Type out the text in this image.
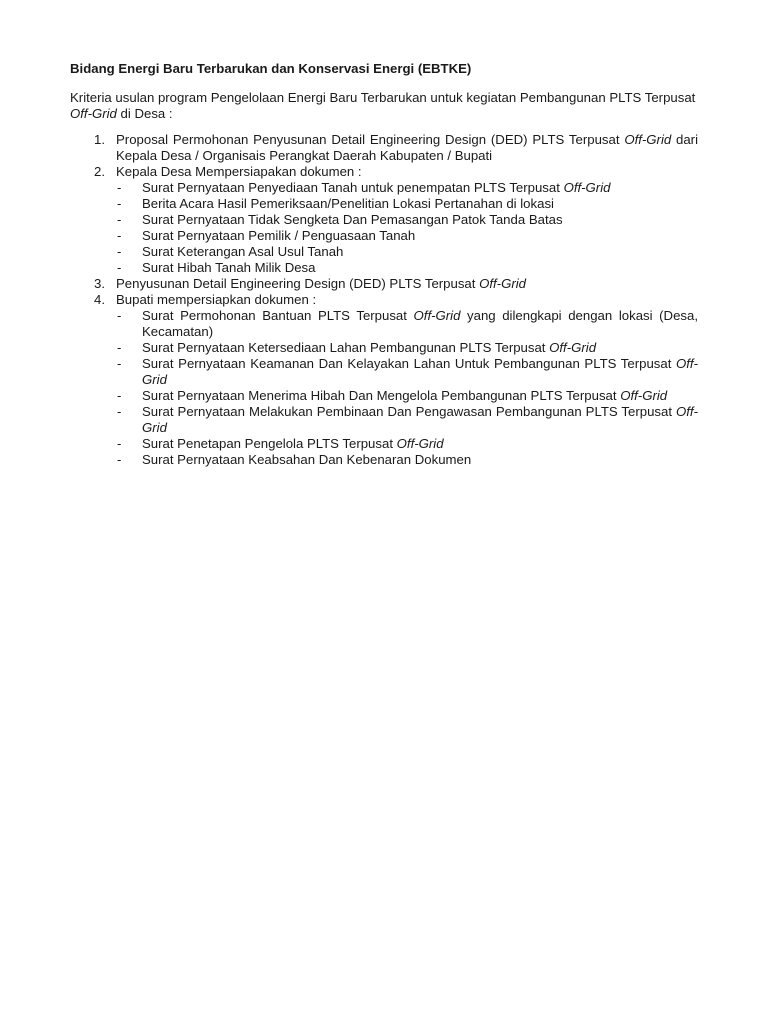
Bidang Energi Baru Terbarukan dan Konservasi Energi (EBTKE)

Kriteria usulan program Pengelolaan Energi Baru Terbarukan untuk kegiatan Pembangunan PLTS Terpusat Off-Grid di Desa :

1. Proposal Permohonan Penyusunan Detail Engineering Design (DED) PLTS Terpusat Off-Grid dari Kepala Desa / Organisais Perangkat Daerah Kabupaten / Bupati
2. Kepala Desa Mempersiapakan dokumen :
- Surat Pernyataan Penyediaan Tanah untuk penempatan PLTS Terpusat Off-Grid
- Berita Acara Hasil Pemeriksaan/Penelitian Lokasi Pertanahan di lokasi
- Surat Pernyataan Tidak Sengketa Dan Pemasangan Patok Tanda Batas
- Surat Pernyataan Pemilik / Penguasaan Tanah
- Surat Keterangan Asal Usul Tanah
- Surat Hibah Tanah Milik Desa
3. Penyusunan Detail Engineering Design (DED) PLTS Terpusat Off-Grid
4. Bupati mempersiapkan dokumen :
- Surat Permohonan Bantuan PLTS Terpusat Off-Grid yang dilengkapi dengan lokasi (Desa, Kecamatan)
- Surat Pernyataan Ketersediaan Lahan Pembangunan PLTS Terpusat Off-Grid
- Surat Pernyataan Keamanan Dan Kelayakan Lahan Untuk Pembangunan PLTS Terpusat Off-Grid
- Surat Pernyataan Menerima Hibah Dan Mengelola Pembangunan PLTS Terpusat Off-Grid
- Surat Pernyataan Melakukan Pembinaan Dan Pengawasan Pembangunan PLTS Terpusat Off-Grid
- Surat Penetapan Pengelola PLTS Terpusat Off-Grid
- Surat Pernyataan Keabsahan Dan Kebenaran Dokumen
